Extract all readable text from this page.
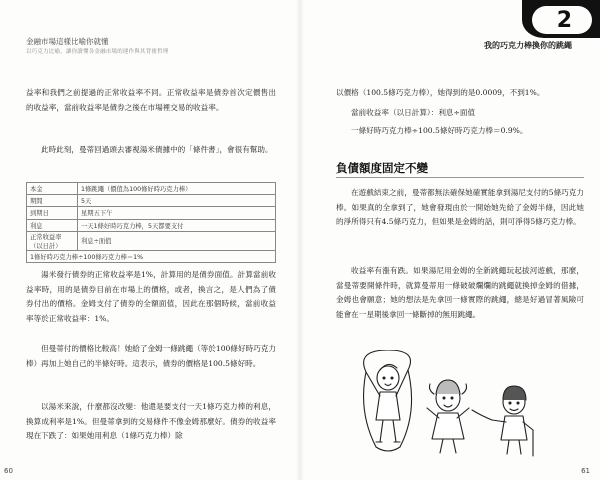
金融市場這樣比喻你就懂
以巧克力比喻，讓你讀懂各金融市場的運作與其背後哲理
益率和我們之前提過的正常收益率不同。正常收益率是債券首次定價售出的收益率，當前收益率是債券之後在市場裡交易的收益率。
此時此刻，曼蒂回過頭去審視湯米債據中的「條件書」，會很有幫助。
本金	1條跳繩（價值為100條好時巧克力棒）
期間	5天
到期日	星期五下午
利息	一天1條好時巧克力棒，5天都要支付
正常收益率（以日計）	利息÷面值
1條好時巧克力棒÷100條巧克力棒＝1%	
湯米發行債券的正常收益率是1%，計算用的是債券面值。計算當前收益率時，用的是債券目前在市場上的價格，或者，換言之，是人們為了債券付出的價格。金姆支付了債券的全額面值，因此在那個時候，當前收益率等於正常收益率：1%。
但曼蒂付的價格比較高！她給了金姆一條跳繩（等於100條好時巧克力棒）再加上她自己的半條好時。這表示，債券的價格是100.5條好時。
以湯米來說，什麼都沒改變：他還是要支付一天1條巧克力棒的利息，換算成利率是1%。但曼蒂拿到的交易條件不像金姆那麼好。債券的收益率現在下跌了：如果她用利息（1條巧克力棒）除
60
2
我的巧克力棒換你的跳繩
以價格（100.5條巧克力棒），她得到的是0.0009，不到1%。
當前收益率（以日計算）：利息÷面值
一條好時巧克力棒÷100.5條好時巧克力棒＝0.9%。
負債額度固定不變
在遊戲結束之前，曼蒂都無法確保她確實能拿到湯尼支付的5條巧克力棒。如果真的全拿到了，她會發現由於一開始她先給了金姆半條，因此她的淨所得只有4.5條巧克力，但如果是金姆的話，則可淨得5條巧克力棒。
收益率有漲有跌。如果湯尼用金姆的全新跳繩玩起拔河遊戲，那麼，當曼蒂要開條件時，就算曼蒂用一條破破爛爛的跳繩就換掉金姆的借據，金姆也會願意；她的想法是先拿回一條實際的跳繩，總是好過冒著風險可能會在一星期後拿回一條斷掉的無用跳繩。
61
